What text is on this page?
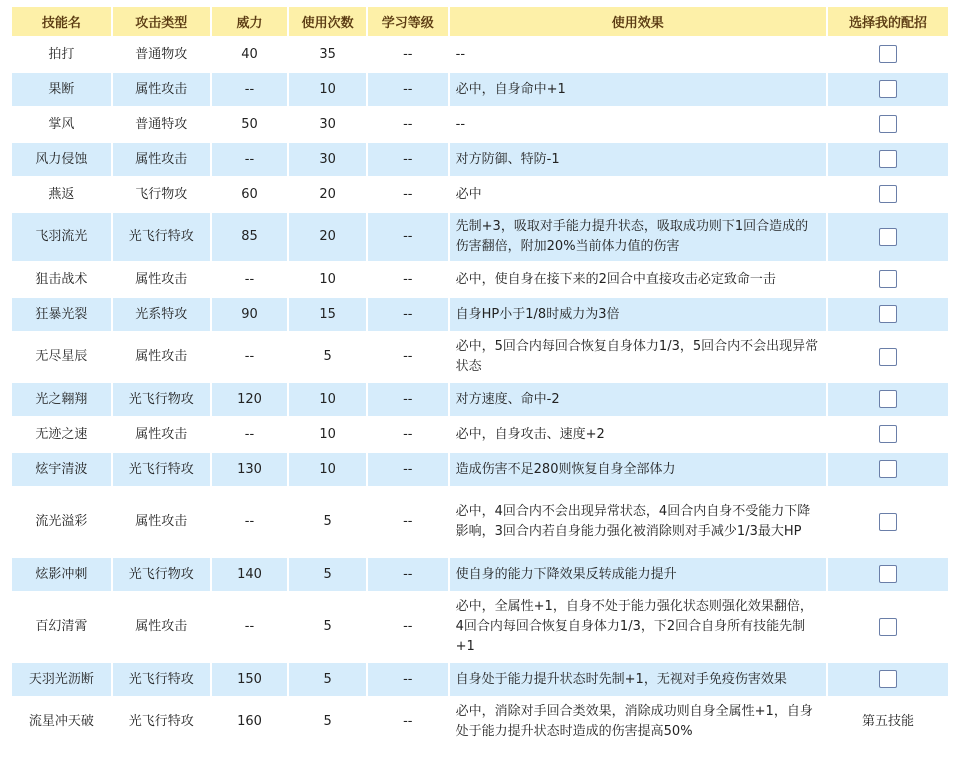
技能名	攻击类型	威力	使用次数	学习等级	使用效果	选择我的配招
拍打	普通物攻	40	35	--	--	
果断	属性攻击	--	10	--	必中，自身命中+1	
掌风	普通特攻	50	30	--	--	
风力侵蚀	属性攻击	--	30	--	对方防御、特防-1	
燕返	飞行物攻	60	20	--	必中	
飞羽流光	光飞行特攻	85	20	--	先制+3，吸取对手能力提升状态，吸取成功则下1回合造成的伤害翻倍，附加20%当前体力值的伤害	
狙击战术	属性攻击	--	10	--	必中，使自身在接下来的2回合中直接攻击必定致命一击	
狂暴光裂	光系特攻	90	15	--	自身HP小于1/8时威力为3倍	
无尽星辰	属性攻击	--	5	--	必中，5回合内每回合恢复自身体力1/3，5回合内不会出现异常状态	
光之翱翔	光飞行物攻	120	10	--	对方速度、命中-2	
无迹之速	属性攻击	--	10	--	必中，自身攻击、速度+2	
炫宇清波	光飞行特攻	130	10	--	造成伤害不足280则恢复自身全部体力	
流光溢彩	属性攻击	--	5	--	必中，4回合内不会出现异常状态，4回合内自身不受能力下降影响，3回合内若自身能力强化被消除则对手减少1/3最大HP	
炫影冲刺	光飞行物攻	140	5	--	使自身的能力下降效果反转成能力提升	
百幻清霄	属性攻击	--	5	--	必中，全属性+1，自身不处于能力强化状态则强化效果翻倍，4回合内每回合恢复自身体力1/3，下2回合自身所有技能先制+1	
天羽光沥断	光飞行特攻	150	5	--	自身处于能力提升状态时先制+1，无视对手免疫伤害效果	
流星冲天破	光飞行特攻	160	5	--	必中，消除对手回合类效果，消除成功则自身全属性+1，自身处于能力提升状态时造成的伤害提高50%	第五技能
